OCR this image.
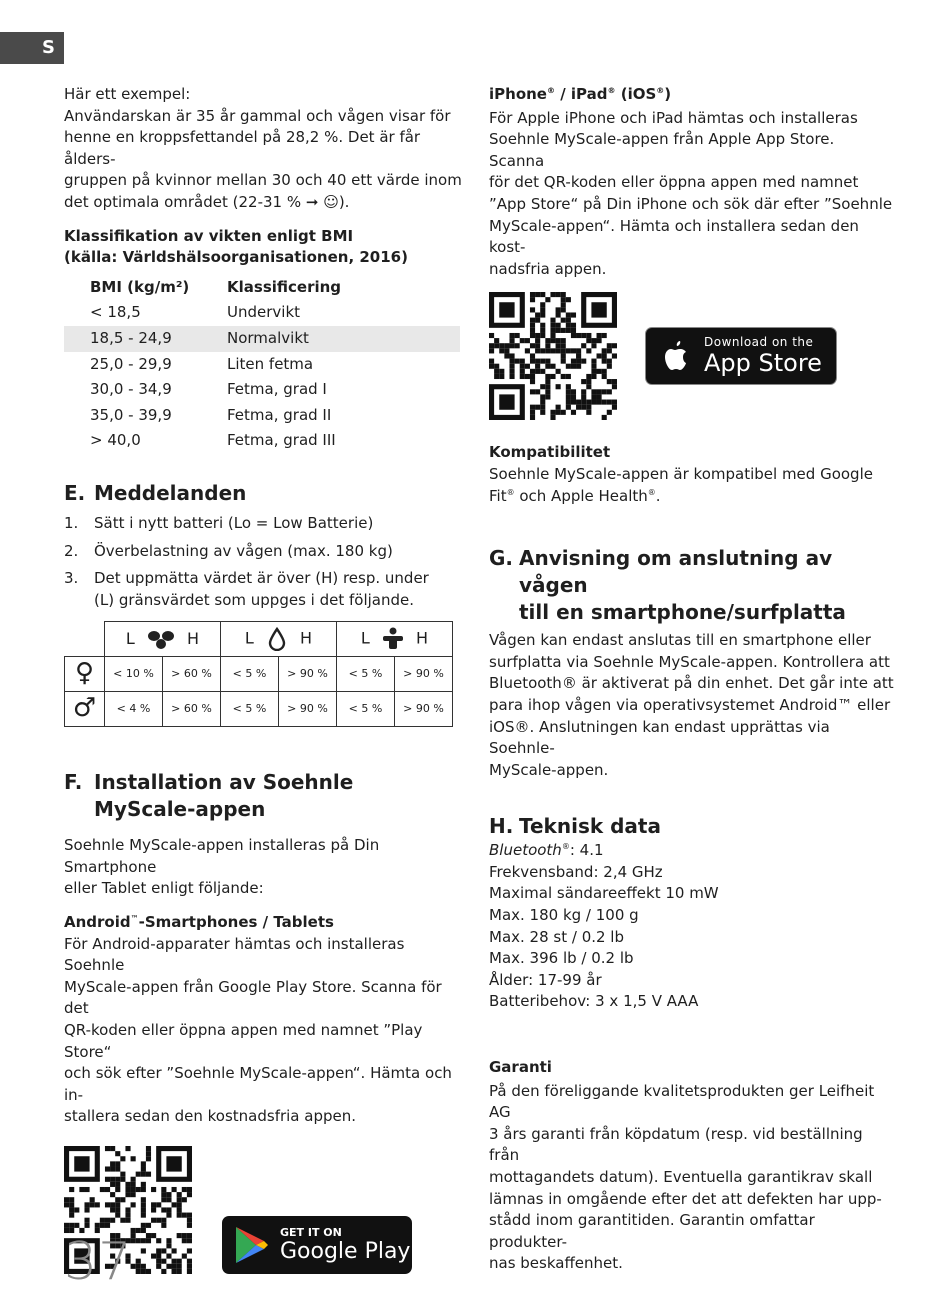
S

Här ett exempel:

Användarskan är 35 år gammal och vågen visar för

henne en kroppsfettandel på 28,2 %. Det är får ålders-

gruppen på kvinnor mellan 30 och 40 ett värde inom

det optimala området (22-31 % ➞ ☺).

Klassifikation av vikten enligt BMI

(källa: Världshälsoorganisationen, 2016)

BMI (kg/m²)	Klassificering
< 18,5	Undervikt
18,5 - 24,9	Normalvikt
25,0 - 29,9	Liten fetma
30,0 - 34,9	Fetma, grad I
35,0 - 39,9	Fetma, grad II
> 40,0	Fetma, grad III
E. Meddelanden
1.	Sätt i nytt batteri (Lo = Low Batterie)
2.	Överbelastning av vågen (max. 180 kg)
3.	Det uppmätta värdet är över (H) resp. under
(L) gränsvärdet som uppges i det följande.
	L H		L H		L H	
♀	< 10 %	> 60 %	< 5 %	> 90 %	< 5 %	> 90 %
♂	< 4 %	> 60 %	< 5 %	> 90 %	< 5 %	> 90 %
F. Installation av Soehnle
MyScale-appen

Soehnle MyScale-appen installeras på Din Smartphone

eller Tablet enligt följande:

Android™-Smartphones / Tablets

För Android-apparater hämtas och installeras Soehnle

MyScale-appen från Google Play Store. Scanna för det

QR-koden eller öppna appen med namnet ”Play Store“

och sök efter ”Soehnle MyScale-appen“. Hämta och in-

stallera sedan den kostnadsfria appen.

GET IT ON
Google Play

iPhone® / iPad® (iOS®)

För Apple iPhone och iPad hämtas och installeras

Soehnle MyScale-appen från Apple App Store. Scanna

för det QR-koden eller öppna appen med namnet

”App Store“ på Din iPhone och sök där efter ”Soehnle

MyScale-appen“. Hämta och installera sedan den kost-

nadsfria appen.

Download on the
App Store

Kompatibilitet

Soehnle MyScale-appen är kompatibel med Google

Fit® och Apple Health®.

G. Anvisning om anslutning av vågen
till en smartphone/surfplatta

Vågen kan endast anslutas till en smartphone eller

surfplatta via Soehnle MyScale-appen. Kontrollera att

Bluetooth® är aktiverat på din enhet. Det går inte att

para ihop vågen via operativsystemet Android™ eller

iOS®. Anslutningen kan endast upprättas via Soehnle-

MyScale-appen.

H. Teknisk data

Bluetooth®: 4.1

Frekvensband: 2,4 GHz

Maximal sändareeffekt 10 mW

Max. 180 kg / 100 g

Max. 28 st / 0.2 lb

Max. 396 lb / 0.2 lb

Ålder: 17-99 år

Batteribehov: 3 x 1,5 V AAA

Garanti

På den föreliggande kvalitetsprodukten ger Leifheit AG

3 års garanti från köpdatum (resp. vid beställning från

mottagandets datum). Eventuella garantikrav skall

lämnas in omgående efter det att defekten har upp-

stådd inom garantitiden. Garantin omfattar produkter-

nas beskaffenhet.

37
